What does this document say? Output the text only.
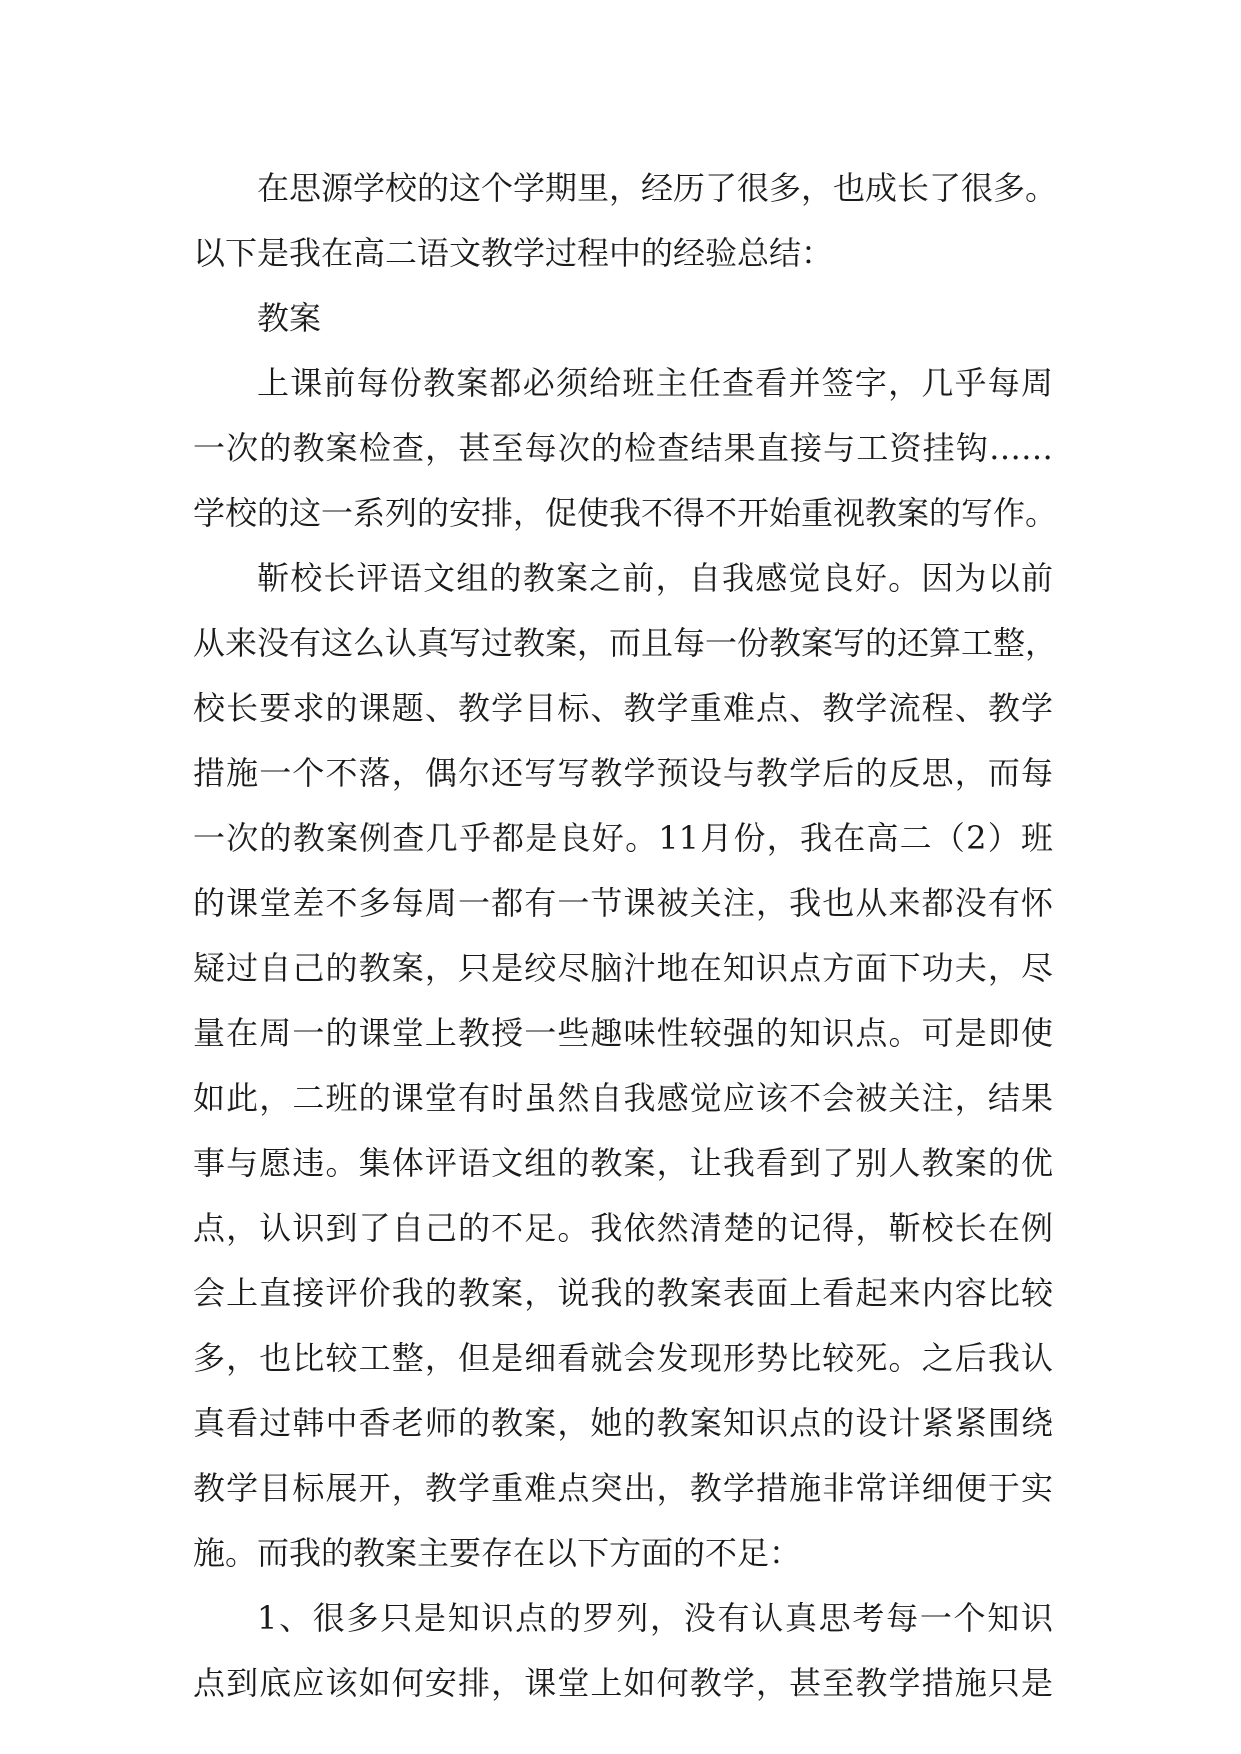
在思源学校的这个学期里，经历了很多，也成长了很多。
以下是我在高二语文教学过程中的经验总结：
教案
上课前每份教案都必须给班主任查看并签字，几乎每周
一次的教案检查，甚至每次的检查结果直接与工资挂钩……
学校的这一系列的安排，促使我不得不开始重视教案的写作。
靳校长评语文组的教案之前，自我感觉良好。因为以前
从来没有这么认真写过教案，而且每一份教案写的还算工整，
校长要求的课题、教学目标、教学重难点、教学流程、教学
措施一个不落，偶尔还写写教学预设与教学后的反思，而每
一次的教案例查几乎都是良好。11月份，我在高二（2）班
的课堂差不多每周一都有一节课被关注，我也从来都没有怀
疑过自己的教案，只是绞尽脑汁地在知识点方面下功夫，尽
量在周一的课堂上教授一些趣味性较强的知识点。可是即使
如此，二班的课堂有时虽然自我感觉应该不会被关注，结果
事与愿违。集体评语文组的教案，让我看到了别人教案的优
点，认识到了自己的不足。我依然清楚的记得，靳校长在例
会上直接评价我的教案，说我的教案表面上看起来内容比较
多，也比较工整，但是细看就会发现形势比较死。之后我认
真看过韩中香老师的教案，她的教案知识点的设计紧紧围绕
教学目标展开，教学重难点突出，教学措施非常详细便于实
施。而我的教案主要存在以下方面的不足：
1、很多只是知识点的罗列，没有认真思考每一个知识
点到底应该如何安排，课堂上如何教学，甚至教学措施只是
